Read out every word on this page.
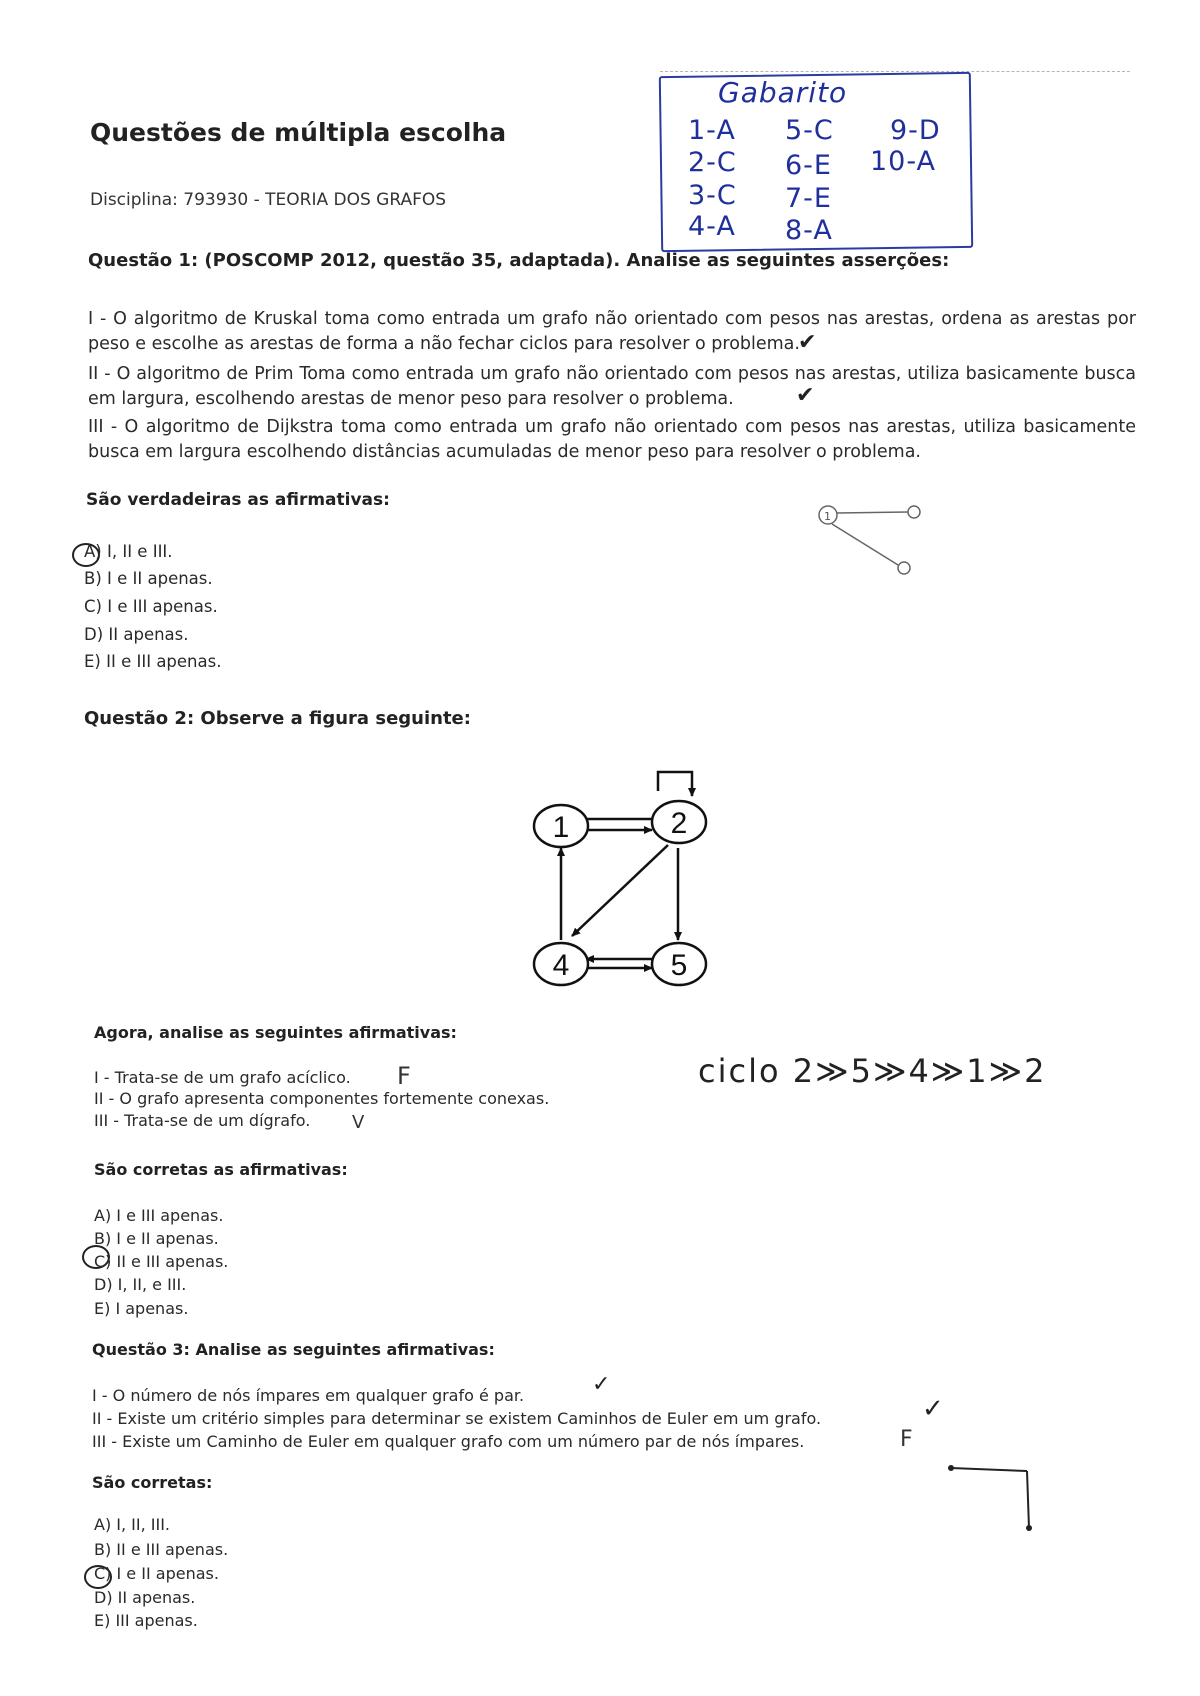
Questões de múltipla escolha
Disciplina: 793930 - TEORIA DOS GRAFOS
Gabarito
1-A 5-C 9-D
2-C 6-E 10-A
3-C 7-E
4-A 8-A
Questão 1: (POSCOMP 2012, questão 35, adaptada). Analise as seguintes asserções:
I - O algoritmo de Kruskal toma como entrada um grafo não orientado com pesos nas arestas, ordena as arestas por peso e escolhe as arestas de forma a não fechar ciclos para resolver o problema.
✔
II - O algoritmo de Prim Toma como entrada um grafo não orientado com pesos nas arestas, utiliza basicamente busca em largura, escolhendo arestas de menor peso para resolver o problema.	✔
III - O algoritmo de Dijkstra toma como entrada um grafo não orientado com pesos nas arestas, utiliza basicamente busca em largura escolhendo distâncias acumuladas de menor peso para resolver o problema.
São verdadeiras as afirmativas:
1
A) I, II e III.
B) I e II apenas.
C) I e III apenas.
D) II apenas.
E) II e III apenas.
Questão 2: Observe a figura seguinte:
1	2
4	5
Agora, analise as seguintes afirmativas:
I - Trata-se de um grafo acíclico. F
II - O grafo apresenta componentes fortemente conexas.
III - Trata-se de um dígrafo. V
ciclo 2≫5≫4≫1≫2
São corretas as afirmativas:
A) I e III apenas.
B) I e II apenas.
C) II e III apenas.
D) I, II, e III.
E) I apenas.
Questão 3: Analise as seguintes afirmativas:
I - O número de nós ímpares em qualquer grafo é par.	✓
II - Existe um critério simples para determinar se existem Caminhos de Euler em um grafo.	✓
III - Existe um Caminho de Euler em qualquer grafo com um número par de nós ímpares.	F
São corretas:
A) I, II, III.
B) II e III apenas.
C) I e II apenas.
D) II apenas.
E) III apenas.
